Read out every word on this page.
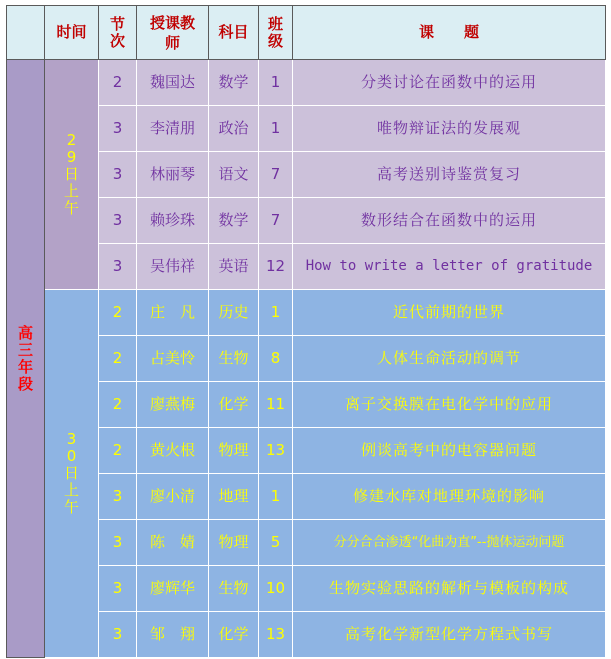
	时间	节次	授课教师	科目	班级	课　　题
高三年段	29日上午	2	魏国达	数学	1	分类讨论在函数中的运用
		3	李清朋	政治	1	唯物辩证法的发展观
		3	林丽琴	语文	7	高考送别诗鉴赏复习
		3	赖珍珠	数学	7	数形结合在函数中的运用
		3	吴伟祥	英语	12	How to write a letter of gratitude
	30日上午	2	庄　凡	历史	1	近代前期的世界
		2	占美怜	生物	8	人体生命活动的调节
		2	廖燕梅	化学	11	离子交换膜在电化学中的应用
		2	黄火根	物理	13	例谈高考中的电容器问题
		3	廖小清	地理	1	修建水库对地理环境的影响
		3	陈　婧	物理	5	分分合合渗透“化曲为直”--抛体运动问题
		3	廖辉华	生物	10	生物实验思路的解析与模板的构成
		3	邹　翔	化学	13	高考化学新型化学方程式书写
